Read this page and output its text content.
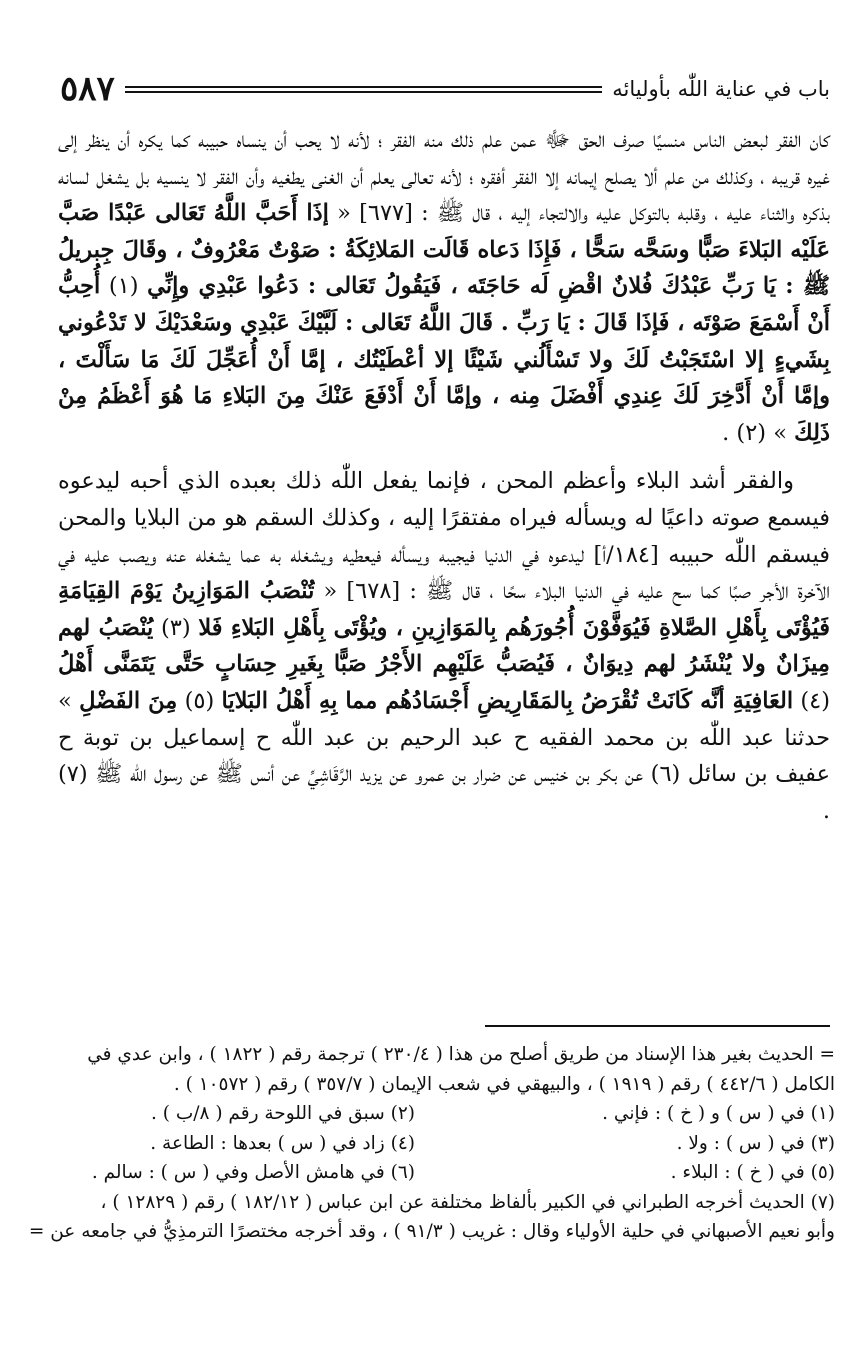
٥٨٧	باب في عناية اللّٰه بأوليائه

كان الفقر لبعض الناس منسيًا صرف الحق ﷻ عمن علم ذلك منه الفقر ؛ لأنه لا يحب أن ينساه حبيبه كما يكره أن ينظر إلى غيره قريبه ، وكذلك من علم ألا يصلح إيمانه إلا الفقر أفقره ؛ لأنه تعالى يعلم أن الغنى يطغيه وأن الفقر لا ينسيه بل يشغل لسانه بذكره والثناء عليه ، وقلبه بالتوكل عليه والالتجاء إليه ، قال ﷺ : [٦٧٧] « إذَا أَحَبَّ اللَّهُ تَعَالى عَبْدًا صَبَّ عَلَيْه البَلاءَ صَبًّا وسَحَّه سَحًّا ، فَإِذَا دَعاه قَالَت المَلائِكَةُ : صَوْتٌ مَعْرُوفٌ ، وقَالَ جِبريلُ ﷺ : يَا رَبِّ عَبْدُكَ فُلانٌ اقْضِ لَه حَاجَتَه ، فَيَقُولُ تَعَالى : دَعُوا عَبْدِي وإِنِّي (١) أُحِبُّ أَنْ أَسْمَعَ صَوْتَه ، فَإذَا قَالَ : يَا رَبِّ . قَالَ اللَّهُ تَعَالى : لَبَّيْكَ عَبْدِي وسَعْدَيْكَ لا تَدْعُوني بِشَيءٍ إلا اسْتَجَبْتُ لَكَ ولا تَسْأَلُني شَيْئًا إلا أعْطَيْتُك ، إمَّا أَنْ أُعَجِّلَ لَكَ مَا سَأَلْتَ ، وإمَّا أَنْ أَدَّخِرَ لَكَ عِندِي أَفْضَلَ مِنه ، وإمَّا أَنْ أَدْفَعَ عَنْكَ مِنَ البَلاءِ مَا هُوَ أَعْظَمُ مِنْ ذَلِكَ » (٢) .

والفقر أشد البلاء وأعظم المحن ، فإنما يفعل اللّٰه ذلك بعبده الذي أحبه ليدعوه فيسمع صوته داعيًا له ويسأله فيراه مفتقرًا إليه ، وكذلك السقم هو من البلايا والمحن فيسقم اللّٰه حبيبه [١٨٤/أ] ليدعوه في الدنيا فيجيبه ويسأله فيعطيه ويشغله به عما يشغله عنه ويصب عليه في الآخرة الأجر صبًا كما سح عليه في الدنيا البلاء سحًا ، قال ﷺ : [٦٧٨] « تُنْصَبُ المَوَازِينُ يَوْمَ القِيَامَةِ فَيُؤْتَى بِأَهْلِ الصَّلاةِ فَيُوَفَّوْنَ أُجُورَهُم بِالمَوَازِينِ ، ويُؤْتَى بِأَهْلِ البَلاءِ فَلا (٣) يُنْصَبُ لهم مِيزَانٌ ولا يُنْشَرُ لهم دِيوَانٌ ، فَيُصَبُّ عَلَيْهِم الأَجْرُ صَبًّا بِغَيرِ حِسَابٍ حَتَّى يَتَمَنَّى أَهْلُ (٤) العَافِيَةِ أنَّه كَانَتْ تُقْرَضُ بِالمَقَارِيضِ أَجْسَادُهُم مما بِهِ أَهْلُ البَلايَا (٥) مِنَ الفَضْلِ » حدثنا عبد اللّٰه بن محمد الفقيه ح عبد الرحيم بن عبد اللّٰه ح إسماعيل بن توبة ح عفيف بن سائل (٦) عن بكر بن خنيس عن ضرار بن عمرو عن يزيد الرَّقَاشِيِّ عن أنس ﷺ عن رسول اللّٰه ﷺ (٧) .

= الحديث بغير هذا الإسناد من طريق أصلح من هذا ( ٢٣٠/٤ ) ترجمة رقم ( ١٨٢٢ ) ، وابن عدي في

الكامل ( ٤٤٢/٦ ) رقم ( ١٩١٩ ) ، والبيهقي في شعب الإيمان ( ٣٥٧/٧ ) رقم ( ١٠٥٧٢ ) .

(١) في ( س ) و ( خ ) : فإني .
(٢) سبق في اللوحة رقم ( ٨/ب ) .
(٣) في ( س ) : ولا .
(٤) زاد في ( س ) بعدها : الطاعة .
(٥) في ( خ ) : البلاء .
(٦) في هامش الأصل وفي ( س ) : سالم .

(٧) الحديث أخرجه الطبراني في الكبير بألفاظ مختلفة عن ابن عباس ( ١٨٢/١٢ ) رقم ( ١٢٨٢٩ ) ،

وأبو نعيم الأصبهاني في حلية الأولياء وقال : غريب ( ٩١/٣ ) ، وقد أخرجه مختصرًا الترمذِيُّ في جامعه عن =
